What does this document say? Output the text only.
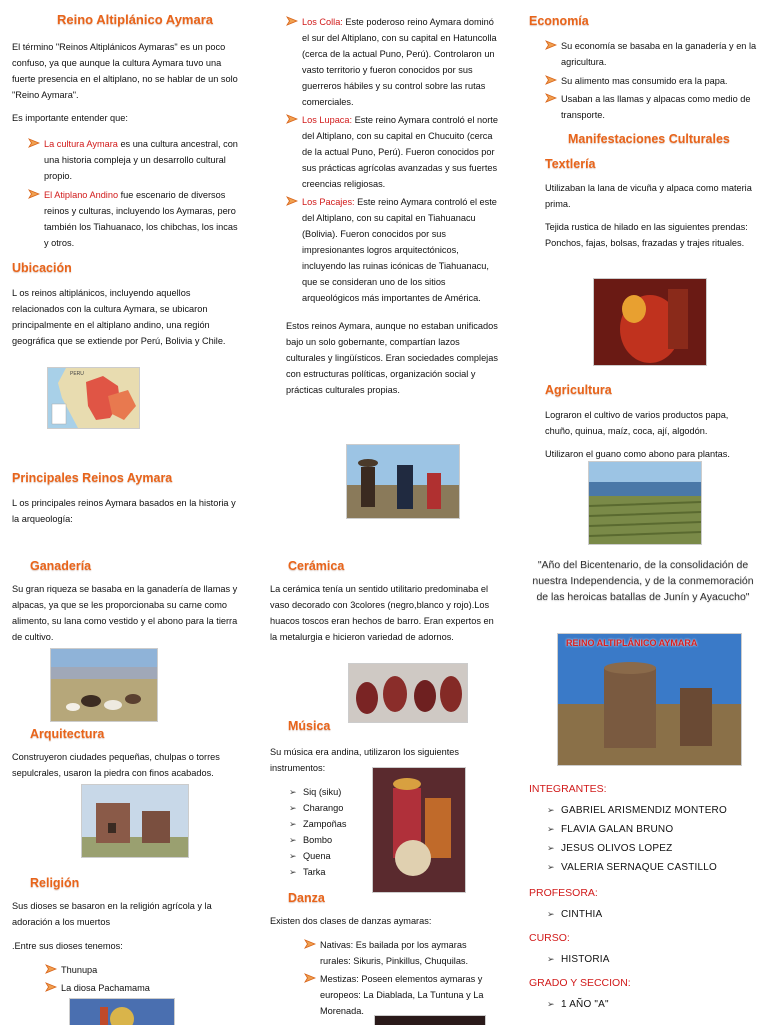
Reino Altiplánico Aymara

El término "Reinos Altiplánicos Aymaras" es un poco confuso, ya que aunque la cultura Aymara tuvo una fuerte presencia en el altiplano, no se hablar de un solo "Reino Aymara".

Es importante entender que:

La cultura Aymara es una cultura ancestral, con una historia compleja y un desarrollo cultural propio.
El Atiplano Andino fue escenario de diversos reinos y culturas, incluyendo los Aymaras, pero también los Tiahuanaco, los chibchas, los incas y otros.
Ubicación

L os reinos altiplánicos, incluyendo aquellos relacionados con la cultura Aymara, se ubicaron principalmente en el altiplano andino, una región geográfica que se extiende por Perú, Bolivia y Chile.

PERU
Principales Reinos Aymara

L os principales reinos Aymara basados en la historia y la arqueología:

Ganadería

Su gran riqueza se basaba en la ganadería de llamas y alpacas, ya que se les proporcionaba su carne como alimento, su lana como vestido y el abono para la tierra de cultivo.

Arquitectura

Construyeron ciudades pequeñas, chulpas o torres sepulcrales, usaron la piedra con finos acabados.

Religión

Sus dioses se basaron en la religión agrícola y la adoración a los muertos

.Entre sus dioses tenemos:

Thunupa
La diosa Pachamama
Los Colla: Este poderoso reino Aymara dominó el sur del Altiplano, con su capital en Hatuncolla (cerca de la actual Puno, Perú). Controlaron un vasto territorio y fueron conocidos por sus guerreros hábiles y su control sobre las rutas comerciales.
Los Lupaca: Este reino Aymara controló el norte del Altiplano, con su capital en Chucuito (cerca de la actual Puno, Perú). Fueron conocidos por sus prácticas agrícolas avanzadas y sus fuertes creencias religiosas.
Los Pacajes: Este reino Aymara controló el este del Altiplano, con su capital en Tiahuanacu (Bolivia). Fueron conocidos por sus impresionantes logros arquitectónicos, incluyendo las ruinas icónicas de Tiahuanacu, que se consideran uno de los sitios arqueológicos más importantes de América.

Estos reinos Aymara, aunque no estaban unificados bajo un solo gobernante, compartían lazos culturales y lingüísticos. Eran sociedades complejas con estructuras políticas, organización social y prácticas culturales propias.

Cerámica

La cerámica tenía un sentido utilitario predominaba el vaso decorado con 3colores (negro,blanco y rojo).Los huacos toscos eran hechos de barro. Eran expertos en la metalurgia e hicieron variedad de adornos.

Música

Su música era andina, utilizaron los siguientes instrumentos:

➢ Siq (siku)
➢ Charango
➢ Zampoñas
➢ Bombo
➢ Quena
➢ Tarka
Danza

Existen dos clases de danzas aymaras:

Nativas: Es bailada por los aymaras rurales: Sikuris, Pinkillus, Chuquilas.
Mestizas: Poseen elementos aymaras y europeos: La Diablada, La Tuntuna y La Morenada.
Economía
Su economía se basaba en la ganadería y en la agricultura.
Su alimento mas consumido era la papa.
Usaban a las llamas y alpacas como medio de transporte.
Manifestaciones Culturales
Textlería

Utilizaban la lana de vicuña y alpaca como materia prima.

Tejida rustica de hilado en las siguientes prendas: Ponchos, fajas, bolsas, frazadas y trajes rituales.

Agricultura

Lograron el cultivo de varios productos papa, chuño, quinua, maíz, coca, ají, algodón.

Utilizaron el guano como abono para plantas.

"Año del Bicentenario, de la consolidación de nuestra Independencia, y de la conmemoración de las heroicas batallas de Junín y Ayacucho"
REINO ALTIPLÁNICO AYMARA
INTEGRANTES:
➢ GABRIEL ARISMENDIZ MONTERO
➢ FLAVIA GALAN BRUNO
➢ JESUS OLIVOS LOPEZ
➢ VALERIA SERNAQUE CASTILLO
PROFESORA:
➢ CINTHIA
CURSO:
➢ HISTORIA
GRADO Y SECCION:
➢ 1 AÑO "A"
